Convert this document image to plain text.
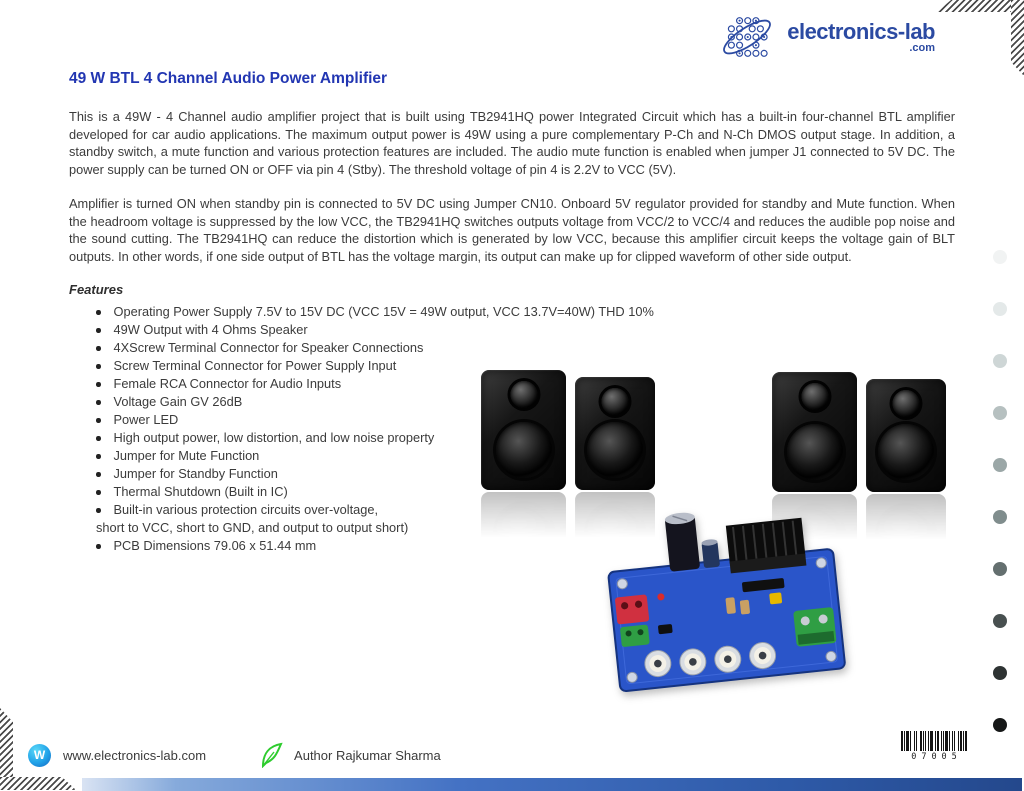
electronics-lab
.com
49 W BTL 4 Channel Audio Power Amplifier

This is a 49W - 4 Channel audio amplifier project that is built using TB2941HQ power Integrated Circuit which has a built-in four-channel BTL amplifier developed for car audio applications. The maximum output power is 49W using a pure complementary P-Ch and N-Ch DMOS output stage. In addition, a standby switch, a mute function and various protection features are included. The audio mute function is enabled when jumper J1 connected to 5V DC. The power supply can be turned ON or OFF via pin 4 (Stby). The threshold voltage of pin 4 is 2.2V to VCC (5V).

Amplifier is turned ON when standby pin is connected to 5V DC using Jumper CN10. Onboard 5V regulator provided for standby and Mute function. When the headroom voltage is suppressed by the low VCC, the TB2941HQ switches outputs voltage from VCC/2 to VCC/4 and reduces the audible pop noise and the sound cutting. The TB2941HQ can reduce the distortion which is generated by low VCC, because this amplifier circuit keeps the voltage gain of BLT outputs. In other words, if one side output of BTL has the voltage margin, its output can make up for clipped waveform of other side output.

Features
Operating Power Supply 7.5V to 15V DC (VCC 15V = 49W output, VCC 13.7V=40W) THD 10%
49W Output with 4 Ohms Speaker
4XScrew Terminal Connector for Speaker Connections
Screw Terminal Connector for Power Supply Input
Female RCA Connector for Audio Inputs
Voltage Gain GV 26dB
Power LED
High output power, low distortion, and low noise property
Jumper for Mute Function
Jumper for Standby Function
Thermal Shutdown (Built in IC)
Built-in various protection circuits over-voltage,
short to VCC, short to GND, and output to output short)
PCB Dimensions 79.06 x 51.44 mm
W	www.electronics-lab.com	Author Rajkumar Sharma	07005
